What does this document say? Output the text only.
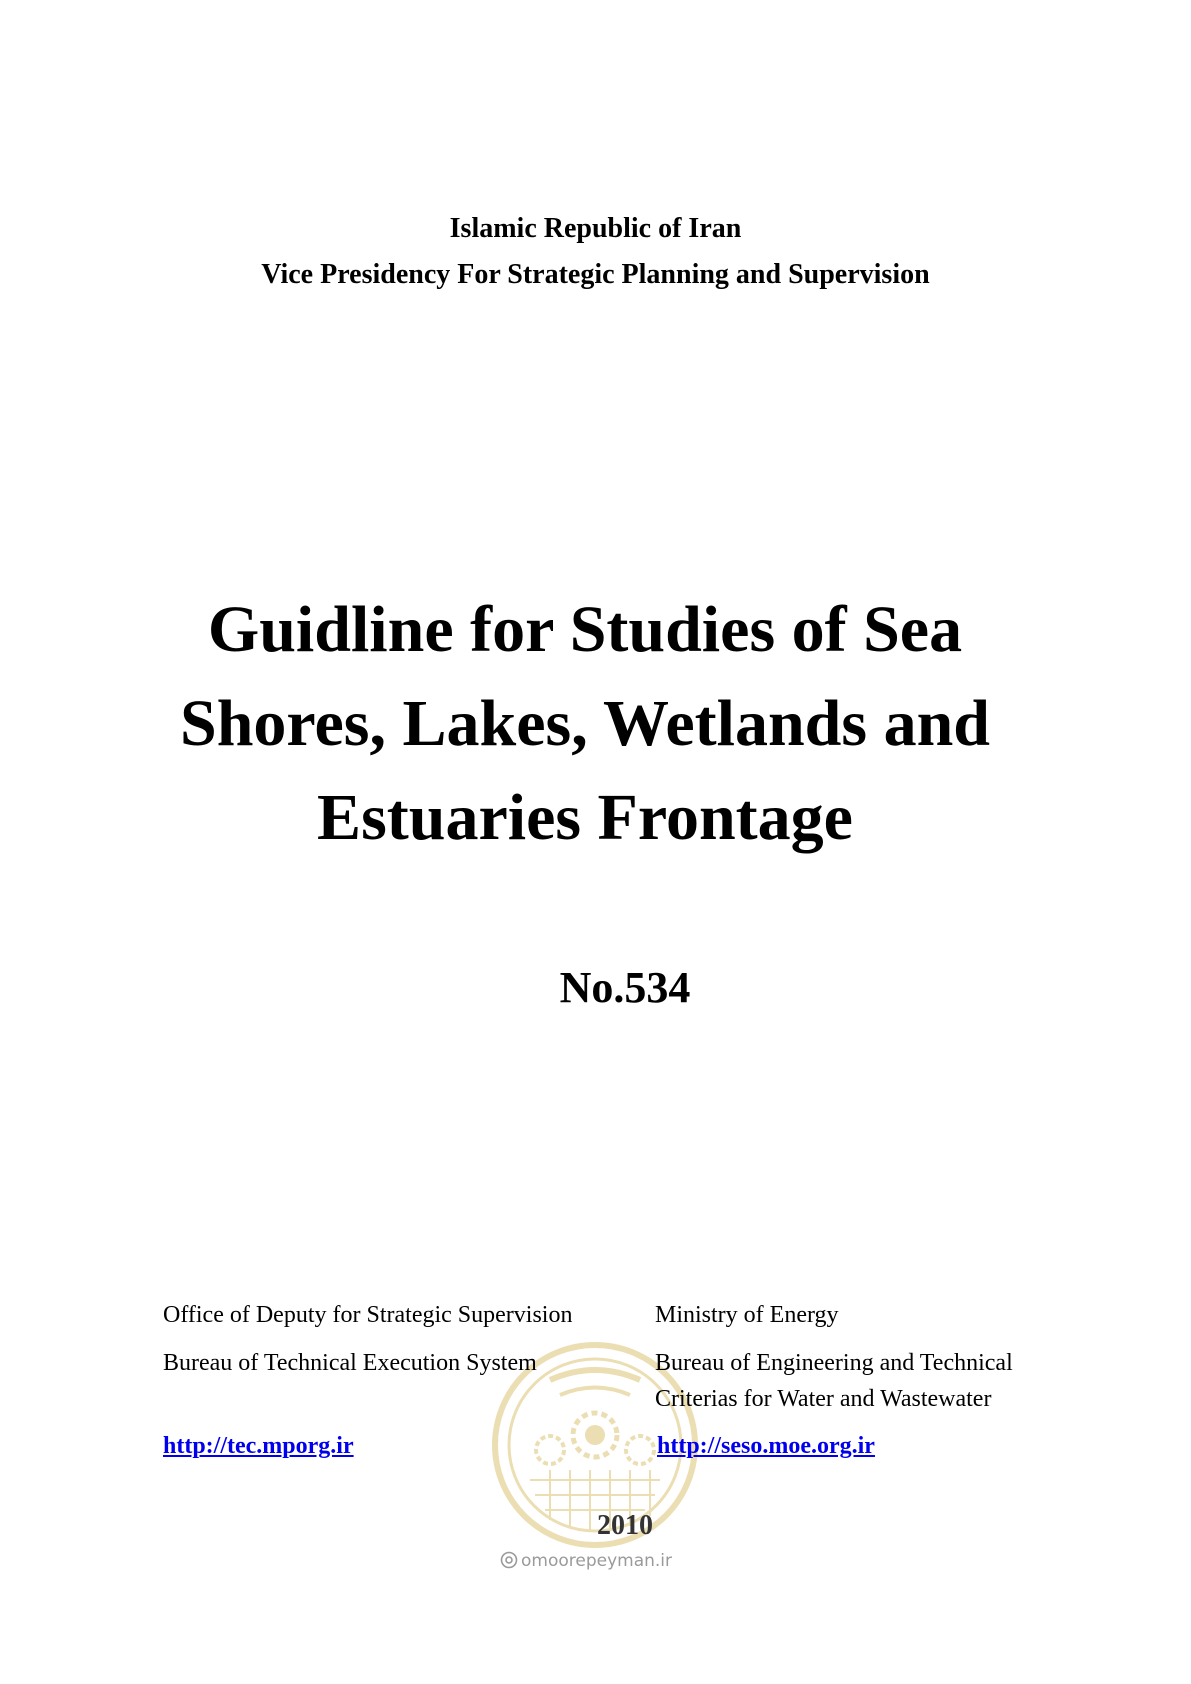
Islamic Republic of Iran
Vice Presidency For Strategic Planning and Supervision
Guidline for Studies of Sea
Shores, Lakes, Wetlands and
Estuaries Frontage
No.534
Office of Deputy for Strategic Supervision
Bureau of Technical Execution System
http://tec.mporg.ir
Ministry of Energy
Bureau of Engineering and Technical
Criterias for Water and Wastewater
http://seso.moe.org.ir
2010
omoorepeyman.ir
